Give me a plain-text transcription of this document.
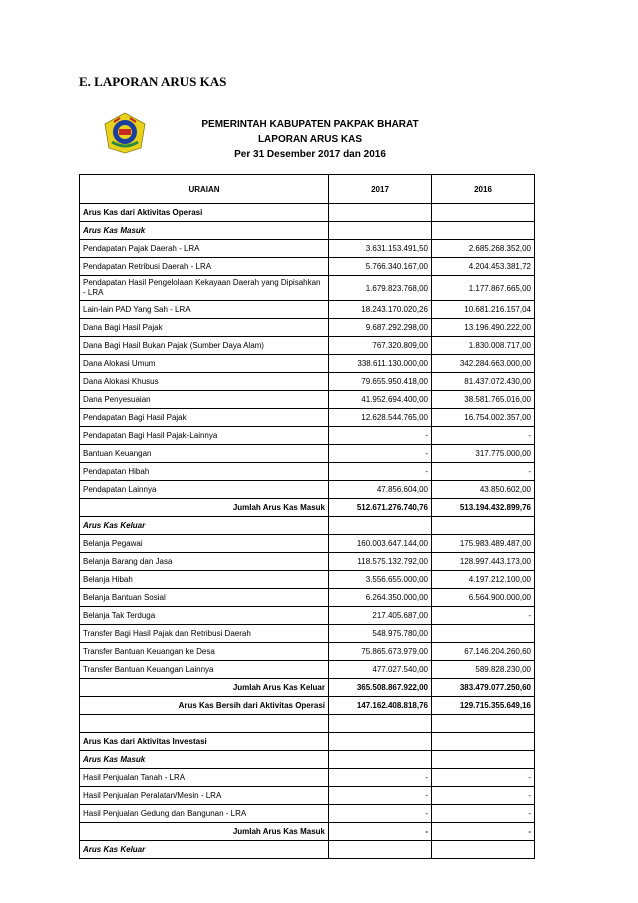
E. LAPORAN ARUS KAS
PEMERINTAH KABUPATEN PAKPAK BHARAT
LAPORAN ARUS KAS
Per 31 Desember 2017 dan 2016
URAIAN	2017	2016
Arus Kas dari Aktivitas Operasi		
Arus Kas Masuk		
Pendapatan Pajak Daerah - LRA	3.631.153.491,50	2.685.268.352,00
Pendapatan Retribusi Daerah - LRA	5.766.340.167,00	4.204.453.381,72
Pendapatan Hasil Pengelolaan Kekayaan Daerah yang Dipisahkan - LRA	1.679.823.768,00	1.177.867.665,00
Lain-lain PAD Yang Sah - LRA	18.243.170.020,26	10.681.216.157,04
Dana Bagi Hasil Pajak	9.687.292.298,00	13.196.490.222,00
Dana Bagi Hasil Bukan Pajak (Sumber Daya Alam)	767.320.809,00	1.830.008.717,00
Dana Alokasi Umum	338.611.130.000,00	342.284.663.000,00
Dana Alokasi Khusus	79.655.950.418,00	81.437.072.430,00
Dana Penyesuaian	41.952.694.400,00	38.581.765.016,00
Pendapatan Bagi Hasil Pajak	12.628.544.765,00	16.754.002.357,00
Pendapatan Bagi Hasil Pajak-Lainnya	-	-
Bantuan Keuangan	-	317.775.000,00
Pendapatan Hibah	-	-
Pendapatan Lainnya	47.856.604,00	43.850.602,00
Jumlah Arus Kas Masuk	512.671.276.740,76	513.194.432.899,76
Arus Kas Keluar		
Belanja Pegawai	160.003.647.144,00	175.983.489.487,00
Belanja Barang dan Jasa	118.575.132.792,00	128.997.443.173,00
Belanja Hibah	3.556.655.000,00	4.197.212.100,00
Belanja Bantuan Sosial	6.264.350.000,00	6.564.900.000,00
Belanja Tak Terduga	217.405.687,00	-
Transfer Bagi Hasil Pajak dan Retribusi Daerah	548.975.780,00	
Transfer Bantuan Keuangan ke Desa	75.865.673.979,00	67.146.204.260,60
Transfer Bantuan Keuangan Lainnya	477.027.540,00	589.828.230,00
Jumlah Arus Kas Keluar	365.508.867.922,00	383.479.077.250,60
Arus Kas Bersih dari Aktivitas Operasi	147.162.408.818,76	129.715.355.649,16

Arus Kas dari Aktivitas Investasi		
Arus Kas Masuk		
Hasil Penjualan Tanah - LRA	-	-
Hasil Penjualan Peralatan/Mesin - LRA	-	-
Hasil Penjualan Gedung dan Bangunan - LRA	-	-
Jumlah Arus Kas Masuk	-	-
Arus Kas Keluar		
